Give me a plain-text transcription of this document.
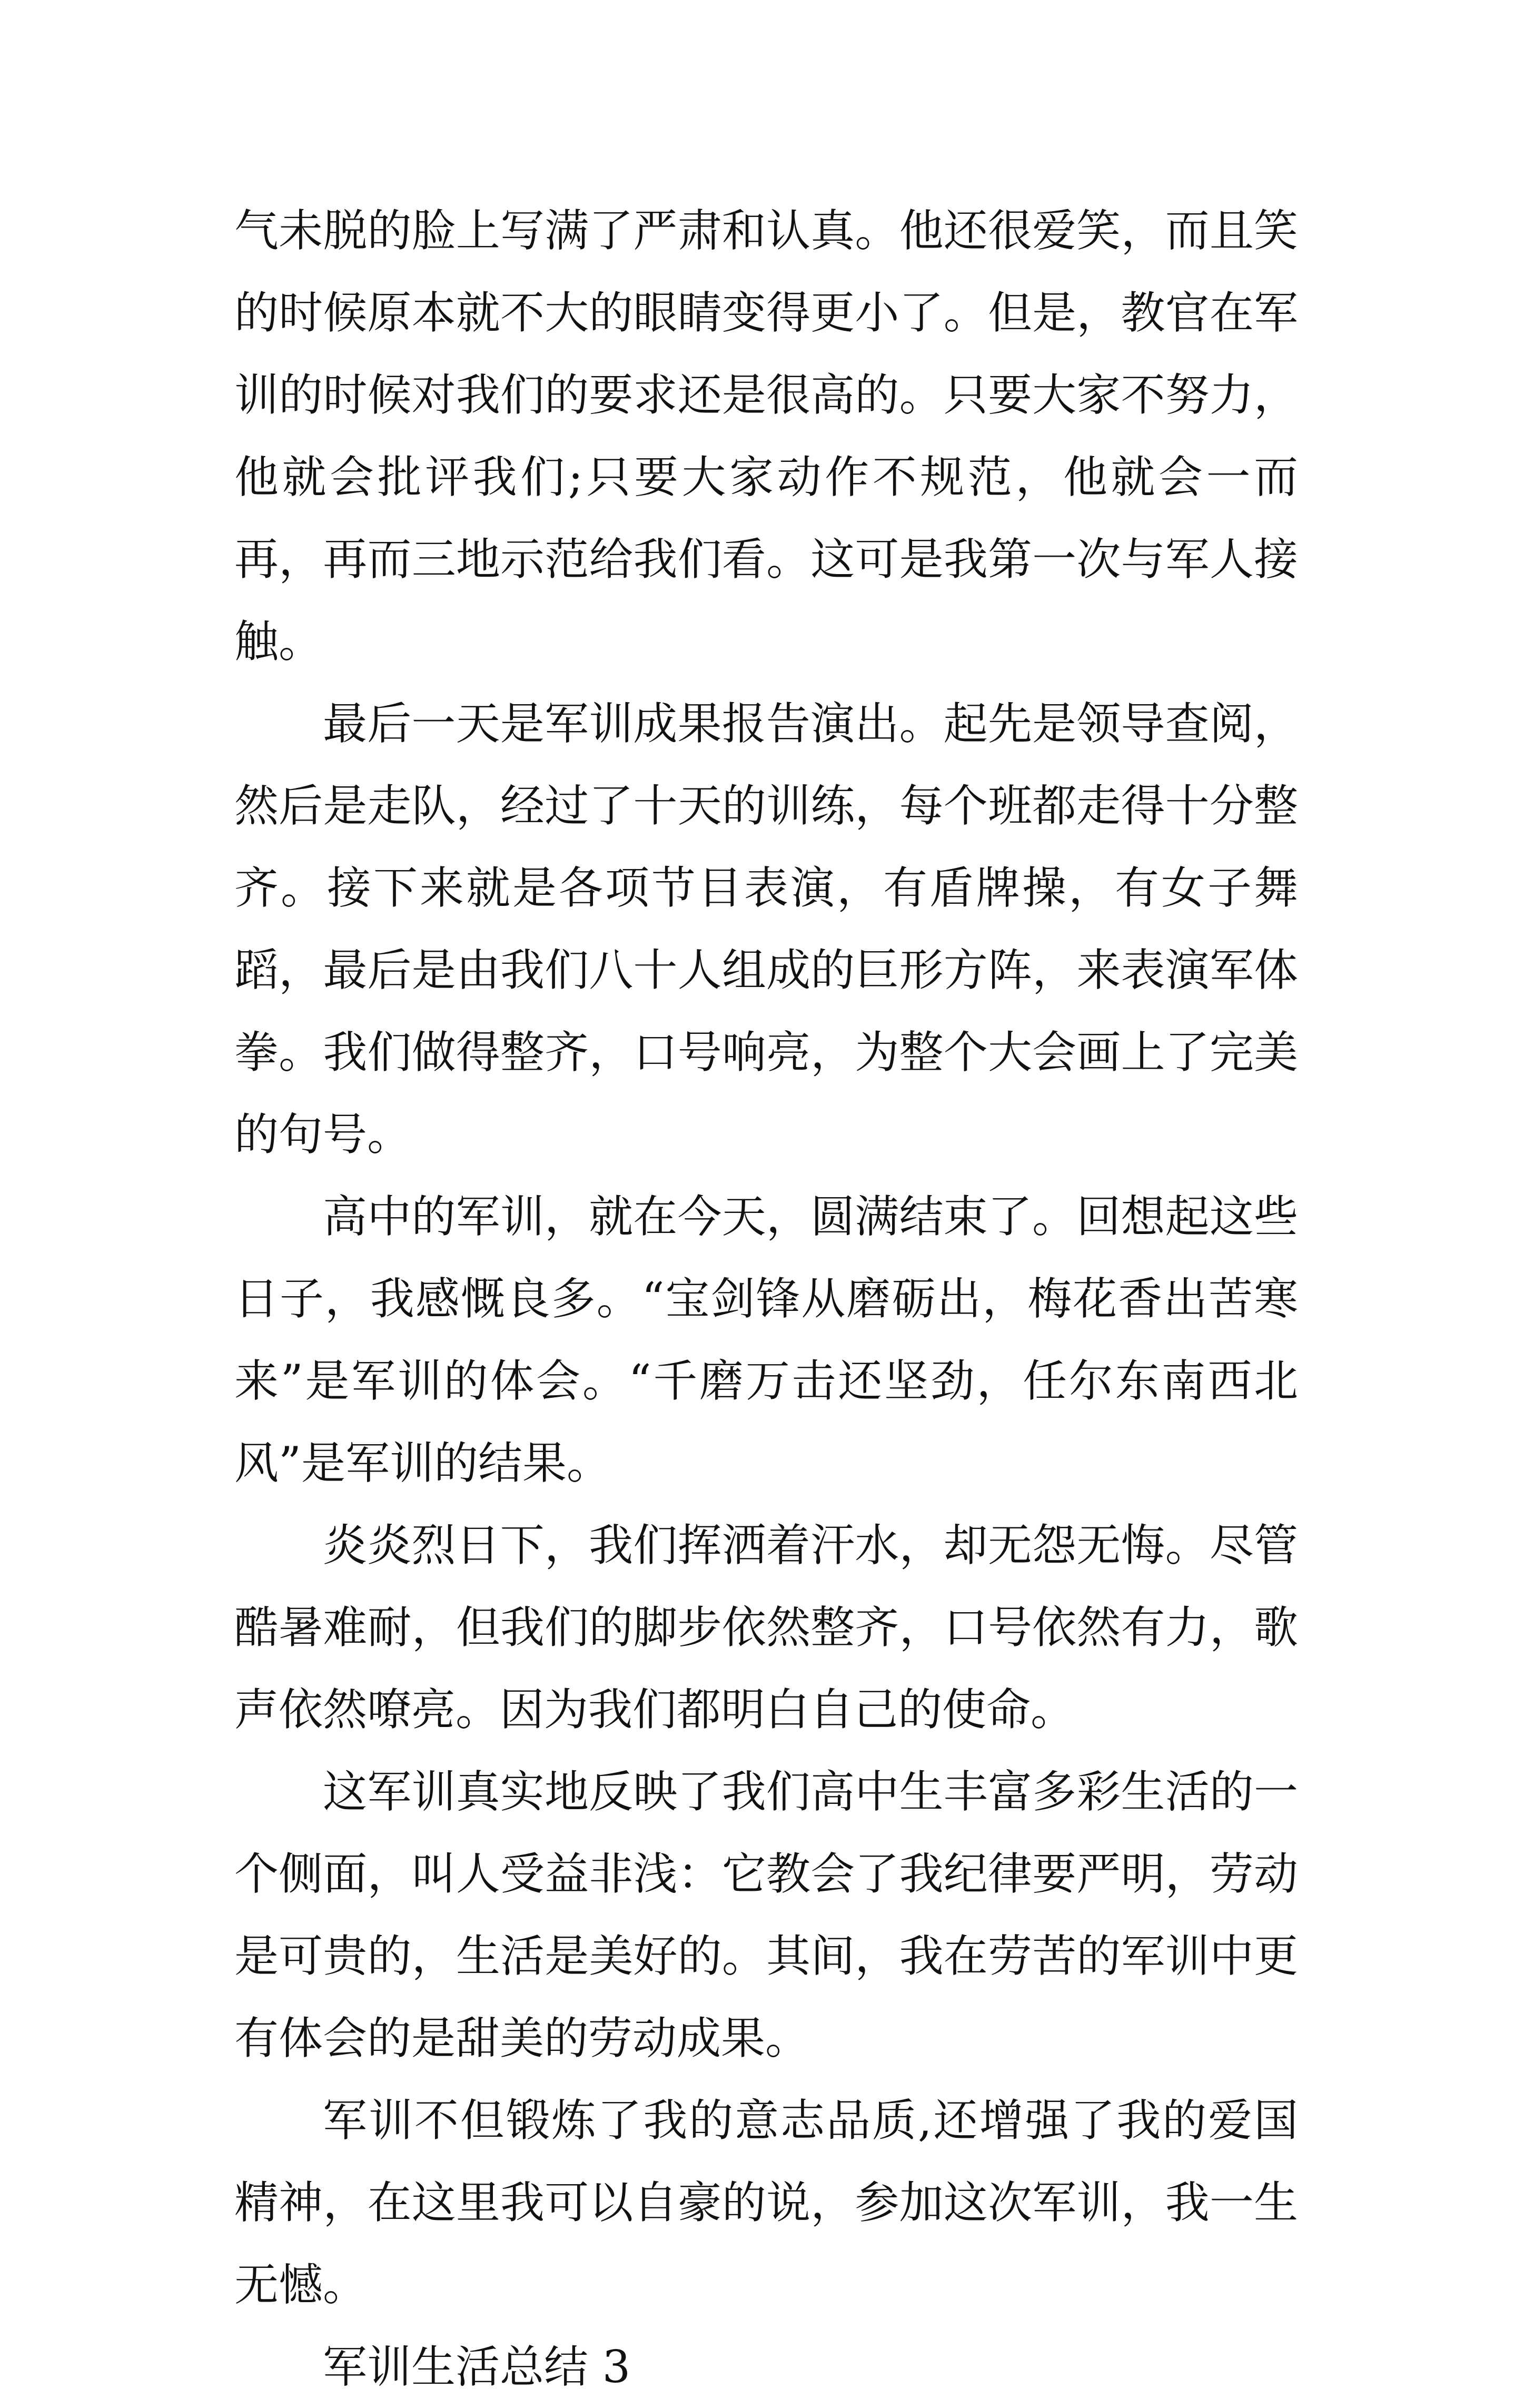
气未脱的脸上写满了严肃和认真。他还很爱笑，而且笑的时候原本就不大的眼睛变得更小了。但是，教官在军训的时候对我们的要求还是很高的。只要大家不努力，他就会批评我们;只要大家动作不规范，他就会一而再，再而三地示范给我们看。这可是我第一次与军人接触。

最后一天是军训成果报告演出。起先是领导查阅，然后是走队，经过了十天的训练，每个班都走得十分整齐。接下来就是各项节目表演，有盾牌操，有女子舞蹈，最后是由我们八十人组成的巨形方阵，来表演军体拳。我们做得整齐，口号响亮，为整个大会画上了完美的句号。

高中的军训，就在今天，圆满结束了。回想起这些日子，我感慨良多。“宝剑锋从磨砺出，梅花香出苦寒来”是军训的体会。“千磨万击还坚劲，任尔东南西北风”是军训的结果。

炎炎烈日下，我们挥洒着汗水，却无怨无悔。尽管酷暑难耐，但我们的脚步依然整齐，口号依然有力，歌声依然嘹亮。因为我们都明白自己的使命。

这军训真实地反映了我们高中生丰富多彩生活的一个侧面，叫人受益非浅：它教会了我纪律要严明，劳动是可贵的，生活是美好的。其间，我在劳苦的军训中更有体会的是甜美的劳动成果。

军训不但锻炼了我的意志品质,还增强了我的爱国精神，在这里我可以自豪的说，参加这次军训，我一生无憾。

军训生活总结 3
